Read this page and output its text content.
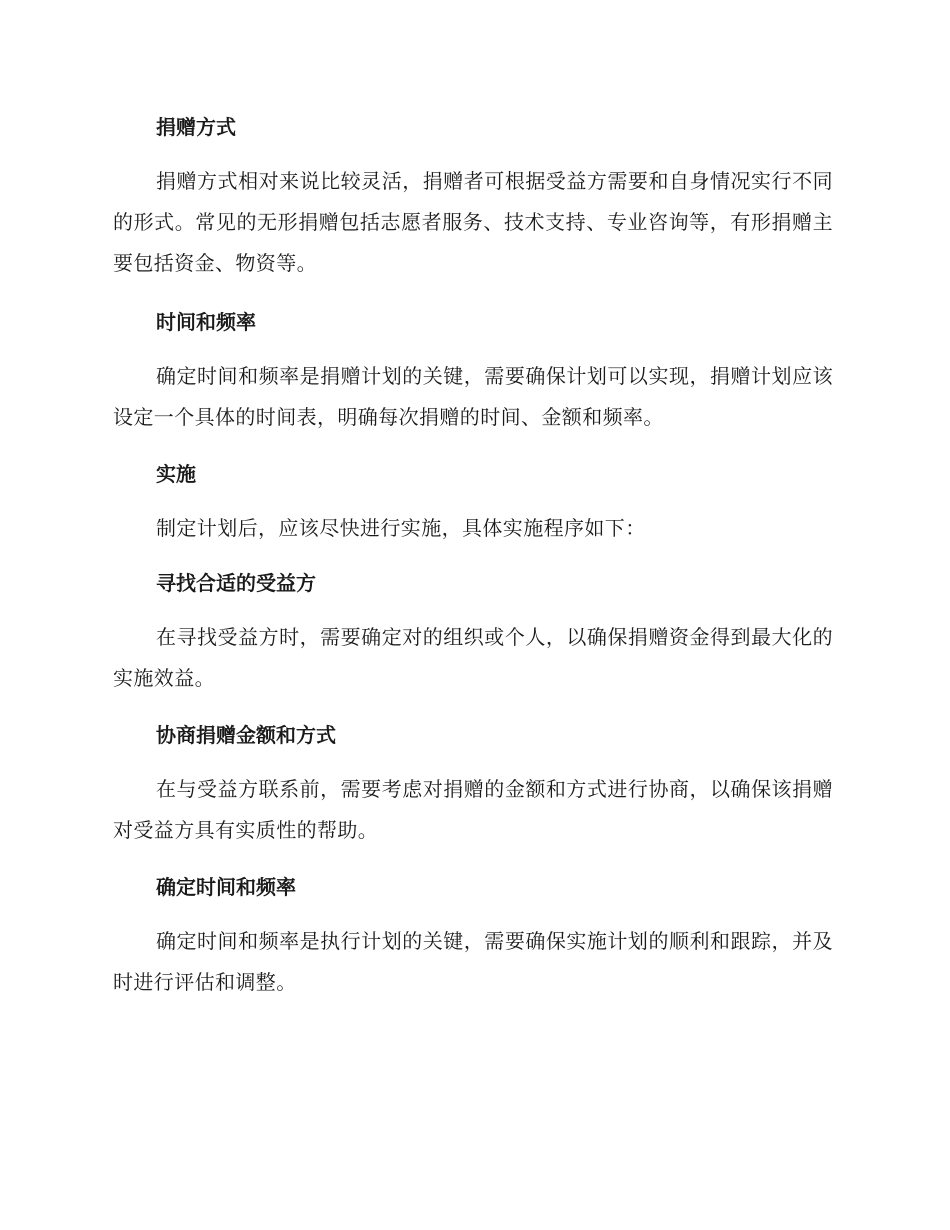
捐赠方式
捐赠方式相对来说比较灵活，捐赠者可根据受益方需要和自身情况实行不同的形式。常见的无形捐赠包括志愿者服务、技术支持、专业咨询等，有形捐赠主要包括资金、物资等。
时间和频率
确定时间和频率是捐赠计划的关键，需要确保计划可以实现，捐赠计划应该设定一个具体的时间表，明确每次捐赠的时间、金额和频率。
实施
制定计划后，应该尽快进行实施，具体实施程序如下：
寻找合适的受益方
在寻找受益方时，需要确定对的组织或个人，以确保捐赠资金得到最大化的实施效益。
协商捐赠金额和方式
在与受益方联系前，需要考虑对捐赠的金额和方式进行协商，以确保该捐赠对受益方具有实质性的帮助。
确定时间和频率
确定时间和频率是执行计划的关键，需要确保实施计划的顺利和跟踪，并及时进行评估和调整。
